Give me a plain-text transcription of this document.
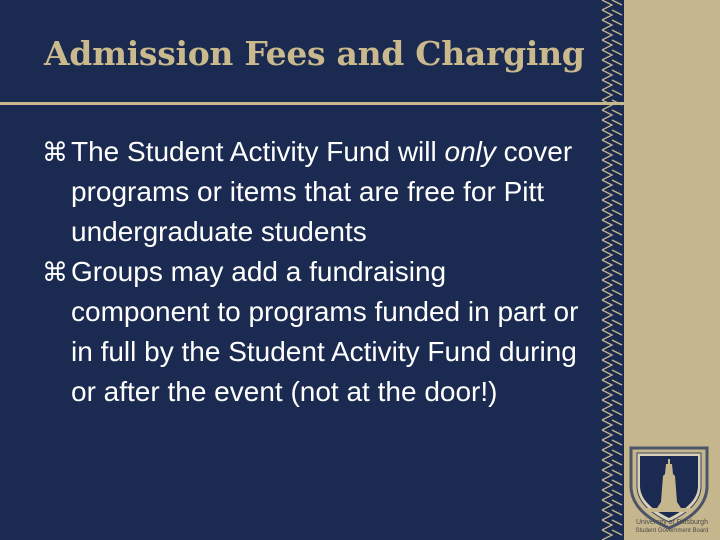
Admission Fees and Charging
⌘ The Student Activity Fund will only cover programs or items that are free for Pitt undergraduate students
⌘ Groups may add a fundraising component to programs funded in part or in full by the Student Activity Fund during or after the event (not at the door!)
University of Pittsburgh
Student Government Board
